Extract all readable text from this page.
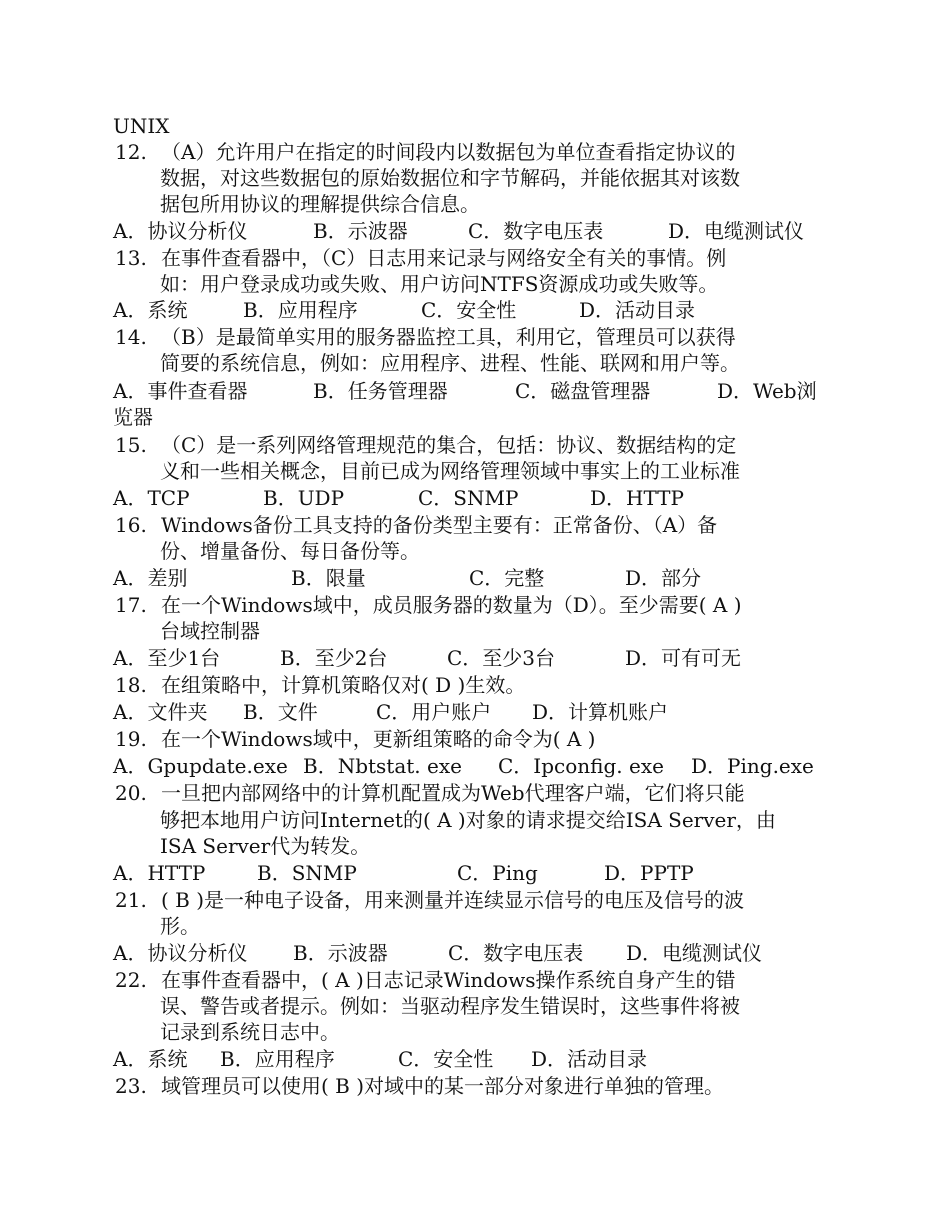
UNIX
12. （A）允许用户在指定的时间段内以数据包为单位查看指定协议的
数据，对这些数据包的原始数据位和字节解码，并能依据其对该数
据包所用协议的理解提供综合信息。
A．协议分析仪	B．示波器	C．数字电压表	D．电缆测试仪
13. 在事件查看器中，（C）日志用来记录与网络安全有关的事情。例
如：用户登录成功或失败、用户访问NTFS资源成功或失败等。
A．系统	B．应用程序	C．安全性	D．活动目录
14. （B）是最简单实用的服务器监控工具，利用它，管理员可以获得
简要的系统信息，例如：应用程序、进程、性能、联网和用户等。
A．事件查看器	B．任务管理器	C．磁盘管理器	D．Web浏
览器
15. （C）是一系列网络管理规范的集合，包括：协议、数据结构的定
义和一些相关概念，目前已成为网络管理领域中事实上的工业标准
A．TCP	B．UDP	C．SNMP	D．HTTP
16. Windows备份工具支持的备份类型主要有：正常备份、（A）备
份、增量备份、每日备份等。
A．差别	B．限量	C．完整	D．部分
17. 在一个Windows域中，成员服务器的数量为（D）。至少需要( A )
台域控制器
A．至少1台	B．至少2台	C．至少3台	D．可有可无
18. 在组策略中，计算机策略仅对( D )生效。
A．文件夹 B．文件	C．用户账户 D．计算机账户
19. 在一个Windows域中，更新组策略的命令为( A )
A．Gpupdate.exe B．Nbtstat. exe C．Ipconfig. exe D．Ping.exe
20. 一旦把内部网络中的计算机配置成为Web代理客户端，它们将只能
够把本地用户访问Internet的( A )对象的请求提交给ISA Server，由
ISA Server代为转发。
A．HTTP	B．SNMP	C．Ping	D．PPTP
21. ( B )是一种电子设备，用来测量并连续显示信号的电压及信号的波
形。
A．协议分析仪 B．示波器	C．数字电压表 D．电缆测试仪
22. 在事件查看器中，( A )日志记录Windows操作系统自身产生的错
误、警告或者提示。例如：当驱动程序发生错误时，这些事件将被
记录到系统日志中。
A．系统 B．应用程序	C．安全性 D．活动目录
23. 域管理员可以使用( B )对域中的某一部分对象进行单独的管理。
